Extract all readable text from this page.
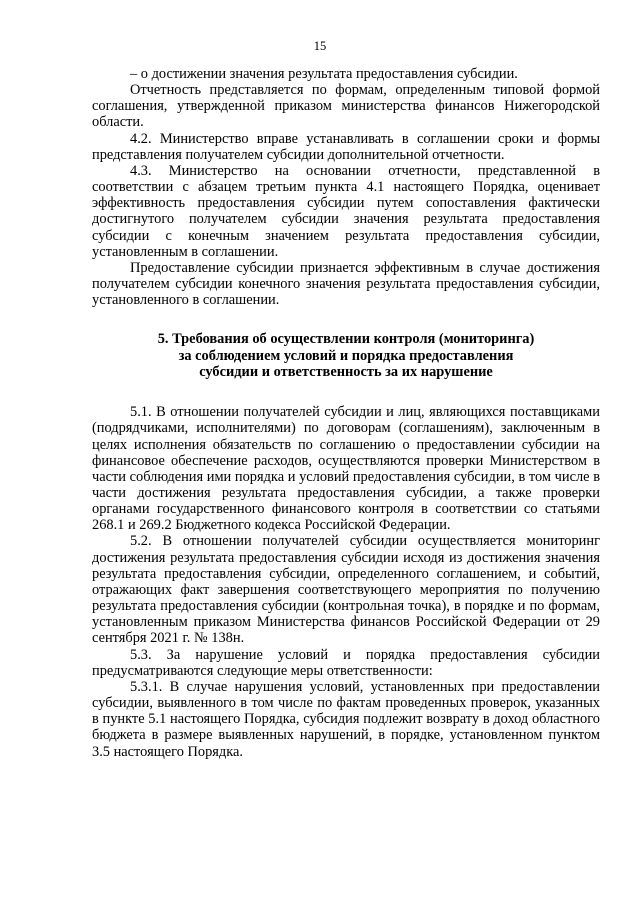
15

– о достижении значения результата предоставления субсидии.

Отчетность представляется по формам, определенным типовой формой соглашения, утвержденной приказом министерства финансов Нижегородской области.

4.2. Министерство вправе устанавливать в соглашении сроки и формы представления получателем субсидии дополнительной отчетности.

4.3. Министерство на основании отчетности, представленной в соответствии с абзацем третьим пункта 4.1 настоящего Порядка, оценивает эффективность предоставления субсидии путем сопоставления фактически достигнутого получателем субсидии значения результата предоставления субсидии с конечным значением результата предоставления субсидии, установленным в соглашении.

Предоставление субсидии признается эффективным в случае достижения получателем субсидии конечного значения результата предоставления субсидии, установленного в соглашении.

5. Требования об осуществлении контроля (мониторинга)
за соблюдением условий и порядка предоставления
субсидии и ответственность за их нарушение

5.1. В отношении получателей субсидии и лиц, являющихся поставщиками (подрядчиками, исполнителями) по договорам (соглашениям), заключенным в целях исполнения обязательств по соглашению о предоставлении субсидии на финансовое обеспечение расходов, осуществляются проверки Министерством в части соблюдения ими порядка и условий предоставления субсидии, в том числе в части достижения результата предоставления субсидии, а также проверки органами государственного финансового контроля в соответствии со статьями 268.1 и 269.2 Бюджетного кодекса Российской Федерации.

5.2. В отношении получателей субсидии осуществляется мониторинг достижения результата предоставления субсидии исходя из достижения значения результата предоставления субсидии, определенного соглашением, и событий, отражающих факт завершения соответствующего мероприятия по получению результата предоставления субсидии (контрольная точка), в порядке и по формам, установленным приказом Министерства финансов Российской Федерации от 29 сентября 2021 г. № 138н.

5.3. За нарушение условий и порядка предоставления субсидии предусматриваются следующие меры ответственности:

5.3.1. В случае нарушения условий, установленных при предоставлении субсидии, выявленного в том числе по фактам проведенных проверок, указанных в пункте 5.1 настоящего Порядка, субсидия подлежит возврату в доход областного бюджета в размере выявленных нарушений, в порядке, установленном пунктом 3.5 настоящего Порядка.
